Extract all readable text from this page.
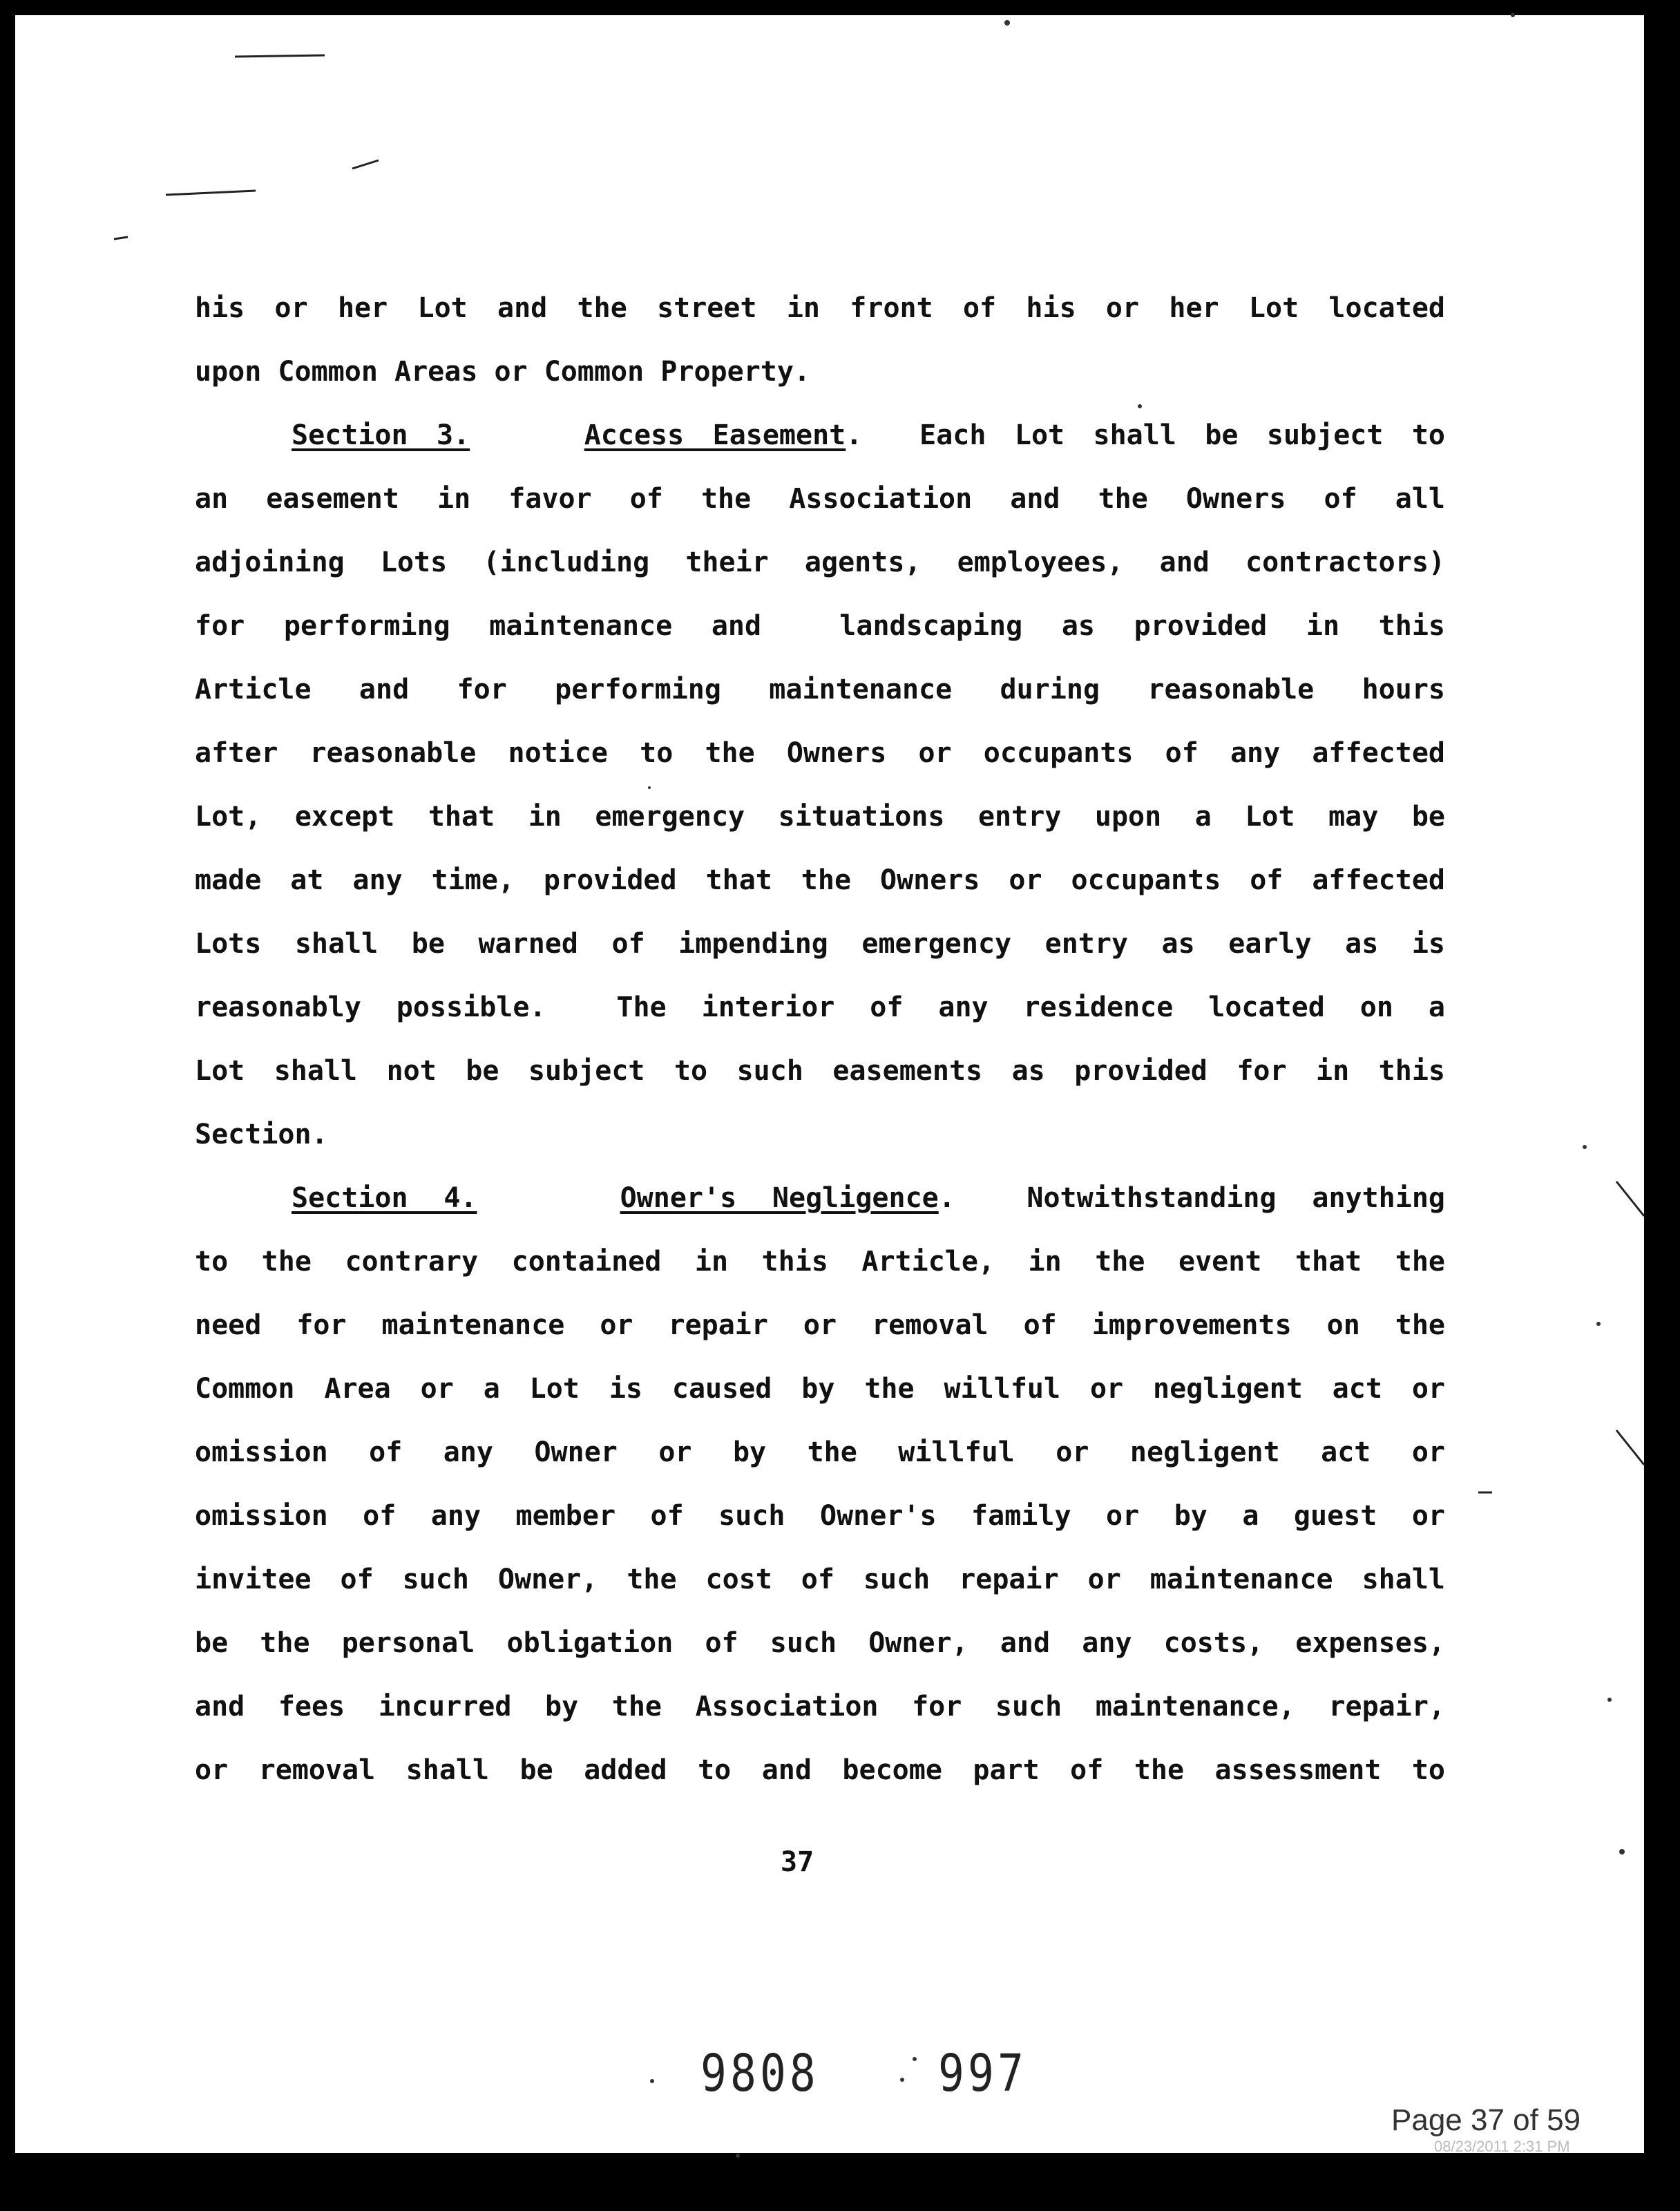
his or her Lot and the street in front of his or her Lot located
upon Common Areas or Common Property.
Section 3.	Access Easement.  Each Lot shall be subject to
an easement in favor of the Association and the Owners of all
adjoining Lots (including their agents, employees, and contractors)
for performing maintenance and  landscaping as provided in this
Article and for performing maintenance during reasonable hours
after reasonable notice to the Owners or occupants of any affected
Lot, except that in emergency situations entry upon a Lot may be
made at any time, provided that the Owners or occupants of affected
Lots shall be warned of impending emergency entry as early as is
reasonably possible.  The interior of any residence located on a
Lot shall not be subject to such easements as provided for in this
Section.
Section 4.	Owner's Negligence.  Notwithstanding anything
to the contrary contained in this Article, in the event that the
need for maintenance or repair or removal of improvements on the
Common Area or a Lot is caused by the willful or negligent act or
omission of any Owner or by the willful or negligent act or
omission of any member of such Owner's family or by a guest or
invitee of such Owner, the cost of such repair or maintenance shall
be the personal obligation of such Owner, and any costs, expenses,
and fees incurred by the Association for such maintenance, repair,
or removal shall be added to and become part of the assessment to
37
9808 997
Page 37 of 59
08/23/2011 2:31 PM
